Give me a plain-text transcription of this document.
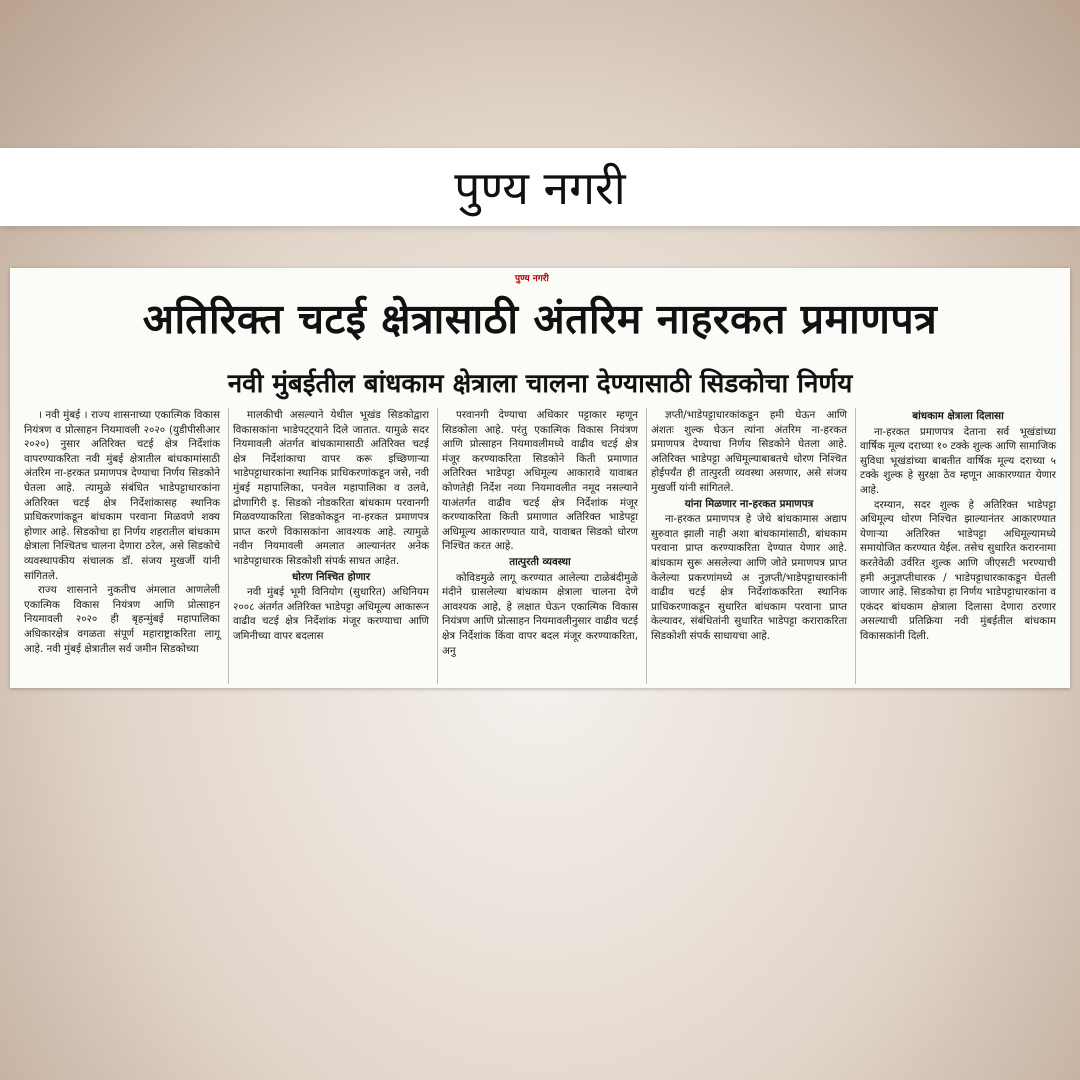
पुण्य नगरी
पुण्य नगरी
अतिरिक्त चटई क्षेत्रासाठी अंतरिम नाहरकत प्रमाणपत्र
नवी मुंबईतील बांधकाम क्षेत्राला चालना देण्यासाठी सिडकोचा निर्णय

। नवी मुंबई । राज्य शासनाच्या एकात्मिक विकास नियंत्रण व प्रोत्साहन नियमावली २०२० (युडीपीसीआर २०२०) नुसार अतिरिक्त चटई क्षेत्र निर्देशांक वापरण्याकरिता नवी मुंबई क्षेत्रातील बांधकामांसाठी अंतरिम ना-हरकत प्रमाणपत्र देण्याचा निर्णय सिडकोने घेतला आहे. त्यामुळे संबंधित भाडेपट्टाधारकांना अतिरिक्त चटई क्षेत्र निर्देशांकासह स्थानिक प्राधिकरणांकडून बांधकाम परवाना मिळवणे शक्य होणार आहे. सिडकोचा हा निर्णय शहरातील बांधकाम क्षेत्राला निश्चितच चालना देणारा ठरेल, असे सिडकोचे व्यवस्थापकीय संचालक डॉ. संजय मुखर्जी यांनी सांगितले.

राज्य शासनाने नुकतीच अंमलात आणलेली एकात्मिक विकास नियंत्रण आणि प्रोत्साहन नियमावली २०२० ही बृहन्मुंबई महापालिका अधिकारक्षेत्र वगळता संपूर्ण महाराष्ट्राकरिता लागू आहे. नवी मुंबई क्षेत्रातील सर्व जमीन सिडकोच्या

मालकीची असल्याने येथील भूखंड सिडकोद्वारा विकासकांना भाडेपट्ट्याने दिले जातात. यामुळे सदर नियमावली अंतर्गत बांधकामासाठी अतिरिक्त चटई क्षेत्र निर्देशांकाचा वापर करू इच्छिणाऱ्या भाडेपट्टाधारकांना स्थानिक प्राधिकरणांकडून जसे, नवी मुंबई महापालिका, पनवेल महापालिका व उलवे, द्रोणागिरी इ. सिडको नोडकरिता बांधकाम परवानगी मिळवण्याकरिता सिडकोकडून ना-हरकत प्रमाणपत्र प्राप्त करणे विकासकांना आवश्यक आहे. त्यामुळे नवीन नियमावली अमलात आल्यानंतर अनेक भाडेपट्टाधारक सिडकोशी संपर्क साधत आहेत.

धोरण निश्चित होणार

नवी मुंबई भूमी विनियोग (सुधारित) अधिनियम २००८ अंतर्गत अतिरिक्त भाडेपट्टा अधिमूल्य आकारून वाढीव चटई क्षेत्र निर्देशांक मंजूर करण्याचा आणि जमिनीच्या वापर बदलास

परवानगी देण्याचा अधिकार पट्टाकार म्हणून सिडकोला आहे. परंतु एकात्मिक विकास नियंत्रण आणि प्रोत्साहन नियमावलीमध्ये वाढीव चटई क्षेत्र मंजूर करण्याकरिता सिडकोने किती प्रमाणात अतिरिक्त भाडेपट्टा अधिमूल्य आकारावे यावाबत कोणतेही निर्देश नव्या नियमावलीत नमूद नसल्याने याअंतर्गत वाढीव चटई क्षेत्र निर्देशांक मंजूर करण्याकरिता किती प्रमाणात अतिरिक्त भाडेपट्टा अधिमूल्य आकारण्यात यावे, यावाबत सिडको धोरण निश्चित करत आहे.

तात्पुरती व्यवस्था

कोविडमुळे लागू करण्यात आलेल्या टाळेबंदीमुळे मंदीने ग्रासलेल्या बांधकाम क्षेत्राला चालना देणे आवश्यक आहे, हे लक्षात घेऊन एकात्मिक विकास नियंत्रण आणि प्रोत्साहन नियमावलीनुसार वाढीव चटई क्षेत्र निर्देशांक किंवा वापर बदल मंजूर करण्याकरिता, अनु

ज्ञप्ती/भाडेपट्टाधारकांकडून हमी घेऊन आणि अंशतः शुल्क घेऊन त्यांना अंतरिम ना-हरकत प्रमाणपत्र देण्याचा निर्णय सिडकोने घेतला आहे. अतिरिक्त भाडेपट्टा अधिमूल्याबाबतचे धोरण निश्चित होईपर्यंत ही तात्पुरती व्यवस्था असणार, असे संजय मुखर्जी यांनी सांगितले.

यांना मिळणार ना-हरकत प्रमाणपत्र

ना-हरकत प्रमाणपत्र हे जेथे बांधकामास अद्याप सुरुवात झाली नाही अशा बांधकामांसाठी, बांधकाम परवाना प्राप्त करण्याकरिता देण्यात येणार आहे. बांधकाम सुरू असलेल्या आणि जोते प्रमाणपत्र प्राप्त केलेल्या प्रकरणांमध्ये अ नुज्ञप्ती/भाडेपट्टाधारकांनी वाढीव चटई क्षेत्र निर्देशांककरिता स्थानिक प्राधिकरणाकडून सुधारित बांधकाम परवाना प्राप्त केल्यावर, संबंधितांनी सुधारित भाडेपट्टा कराराकरिता सिडकोशी संपर्क साधायचा आहे.

बांधकाम क्षेत्राला दिलासा

ना-हरकत प्रमाणपत्र देताना सर्व भूखंडांच्या वार्षिक मूल्य दराच्या १० टक्के शुल्क आणि सामाजिक सुविधा भूखंडांच्या बाबतीत वार्षिक मूल्य दराच्या ५ टक्के शुल्क हे सुरक्षा ठेव म्हणून आकारण्यात येणार आहे.

दरम्यान, सदर शुल्क हे अतिरिक्त भाडेपट्टा अधिमूल्य धोरण निश्चित झाल्यानंतर आकारण्यात येणाऱ्या अतिरिक्त भाडेपट्टा अधिमूल्यामध्ये समायोजित करण्यात येईल. तसेच सुधारित करारनामा करतेवेळी उर्वरित शुल्क आणि जीएसटी भरण्याची हमी अनुज्ञप्तीधारक / भाडेपट्टाधारकाकडून घेतली जाणार आहे. सिडकोचा हा निर्णय भाडेपट्टाधारकांना व एकंदर बांधकाम क्षेत्राला दिलासा देणारा ठरणार असल्याची प्रतिक्रिया नवी मुंबईतील बांधकाम विकासकांनी दिली.
